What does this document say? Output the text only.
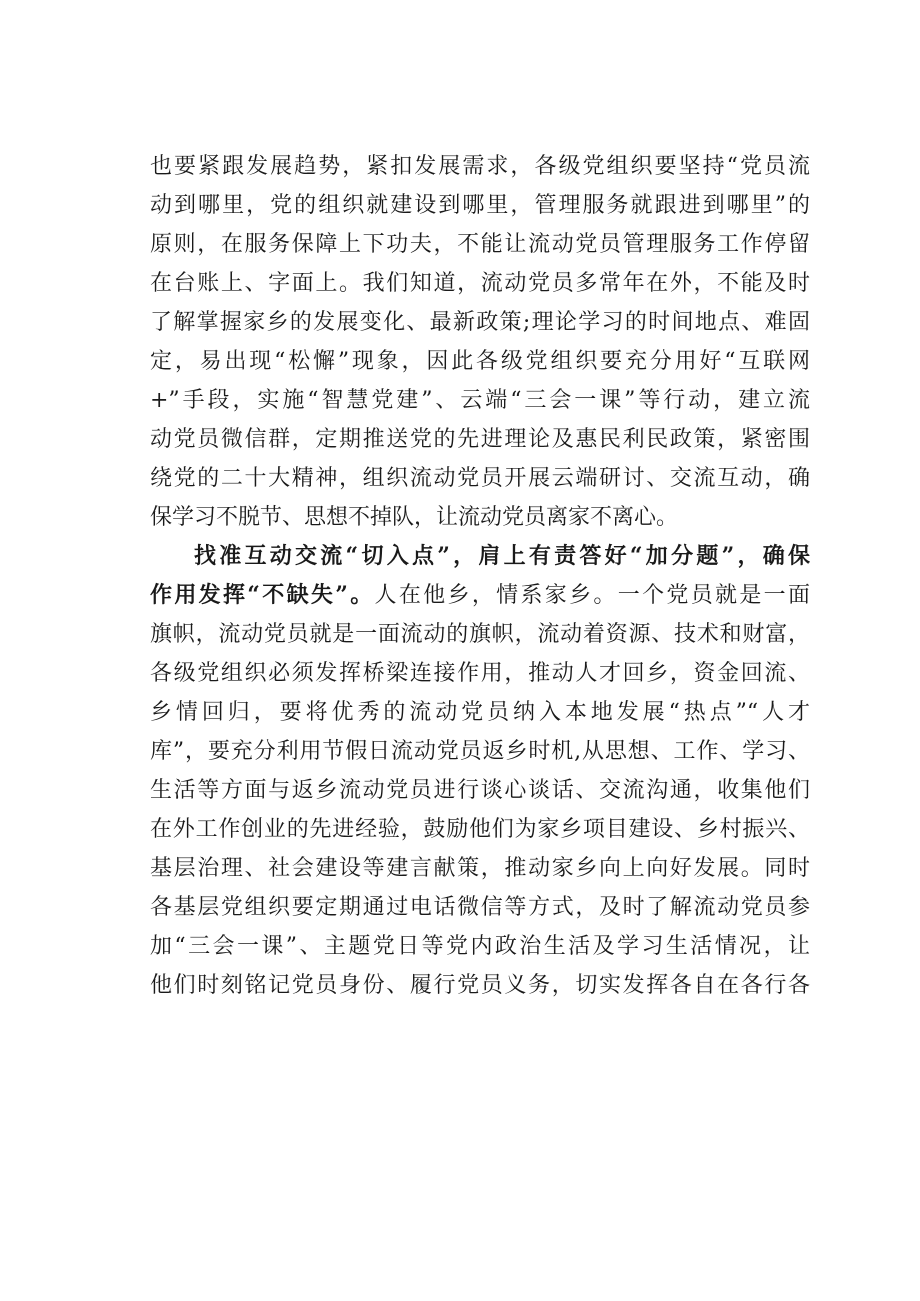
也要紧跟发展趋势，紧扣发展需求，各级党组织要坚持“党员流
动到哪里，党的组织就建设到哪里，管理服务就跟进到哪里”的
原则，在服务保障上下功夫，不能让流动党员管理服务工作停留
在台账上、字面上。我们知道，流动党员多常年在外，不能及时
了解掌握家乡的发展变化、最新政策;理论学习的时间地点、难固
定，易出现“松懈”现象，因此各级党组织要充分用好“互联网
+”手段，实施“智慧党建”、云端“三会一课”等行动，建立流
动党员微信群，定期推送党的先进理论及惠民利民政策，紧密围
绕党的二十大精神，组织流动党员开展云端研讨、交流互动，确
保学习不脱节、思想不掉队，让流动党员离家不离心。
找准互动交流“切入点”，肩上有责答好“加分题”，确保
作用发挥“不缺失”。人在他乡，情系家乡。一个党员就是一面
旗帜，流动党员就是一面流动的旗帜，流动着资源、技术和财富，
各级党组织必须发挥桥梁连接作用，推动人才回乡，资金回流、
乡情回归，要将优秀的流动党员纳入本地发展“热点”“人才
库”，要充分利用节假日流动党员返乡时机,从思想、工作、学习、
生活等方面与返乡流动党员进行谈心谈话、交流沟通，收集他们
在外工作创业的先进经验，鼓励他们为家乡项目建设、乡村振兴、
基层治理、社会建设等建言献策，推动家乡向上向好发展。同时
各基层党组织要定期通过电话微信等方式，及时了解流动党员参
加“三会一课”、主题党日等党内政治生活及学习生活情况，让
他们时刻铭记党员身份、履行党员义务，切实发挥各自在各行各
